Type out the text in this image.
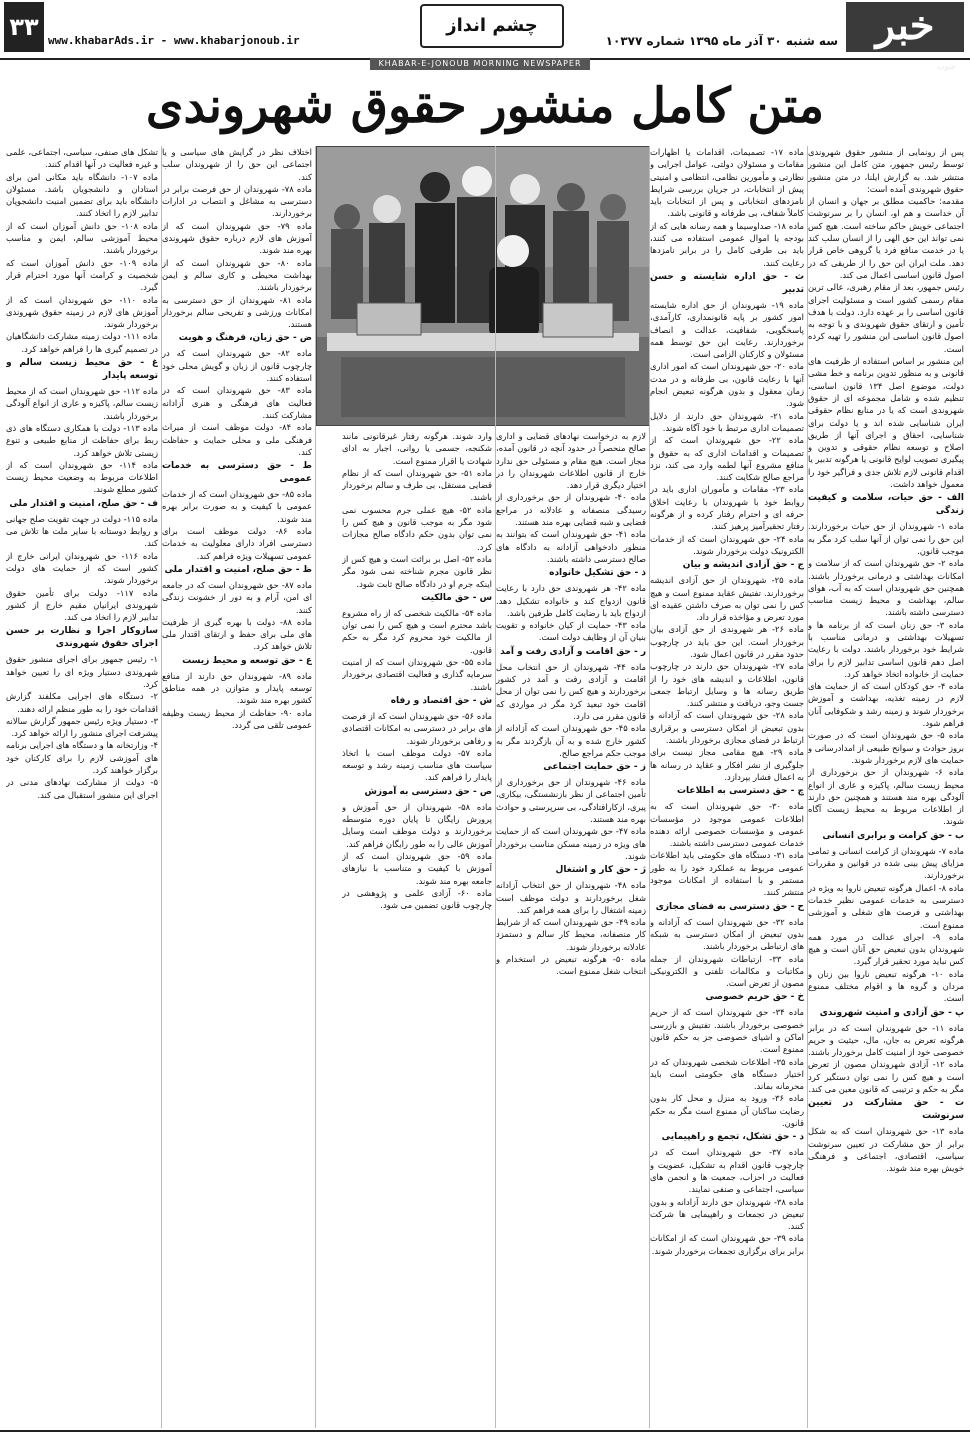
خبر
جنوب
سه شنبه ۳۰ آذر ماه ۱۳۹۵ شماره ۱۰۳۷۷
چشم انداز
www.khabarAds.ir - www.khabarjonoub.ir
۳۳
KHABAR-E-JONOUB MORNING NEWSPAPER
متن کامل منشور حقوق شهروندی

پس از رونمایی از منشور حقوق شهروندی توسط رئیس جمهور، متن کامل این منشور منتشر شد. به گزارش ایلنا، در متن منشور حقوق شهروندی آمده است:

مقدمه: حاکمیت مطلق بر جهان و انسان از آن خداست و هم او، انسان را بر سرنوشت اجتماعی خویش حاکم ساخته است. هیچ کس نمی تواند این حق الهی را از انسان سلب کند یا در خدمت منافع فرد یا گروهی خاص قرار دهد. ملت ایران این حق را از طریقی که در اصول قانون اساسی اعمال می کند.

رئیس جمهور، بعد از مقام رهبری، عالی ترین مقام رسمی کشور است و مسئولیت اجرای قانون اساسی را بر عهده دارد. دولت با هدف تأمین و ارتقای حقوق شهروندی و با توجه به اصول قانون اساسی این منشور را تهیه کرده است.

این منشور بر اساس استفاده از ظرفیت های قانونی و به منظور تدوین برنامه و خط مشی دولت، موضوع اصل ۱۳۴ قانون اساسی، تنظیم شده و شامل مجموعه ای از حقوق شهروندی است که یا در منابع نظام حقوقی ایران شناسایی شده اند و یا دولت برای شناسایی، احقاق و اجرای آنها از طریق اصلاح و توسعه نظام حقوقی و تدوین و پیگیری تصویب لوایح قانونی یا هرگونه تدبیر یا اقدام قانونی لازم تلاش جدی و فراگیر خود را معمول خواهد داشت.

الف - حق حیات، سلامت و کیفیت زندگی

ماده ۱- شهروندان از حق حیات برخوردارند. این حق را نمی توان از آنها سلب کرد مگر به موجب قانون.

ماده ۲- حق شهروندان است که از سلامت و امکانات بهداشتی و درمانی برخوردار باشند. همچنین حق شهروندان است که به آب، هوای سالم، بهداشت و محیط زیست مناسب دسترسی داشته باشند.

ماده ۳- حق زنان است که از برنامه ها و تسهیلات بهداشتی و درمانی مناسب با شرایط خود برخوردار باشند. دولت با رعایت اصل دهم قانون اساسی تدابیر لازم را برای حمایت از خانواده اتخاذ خواهد کرد.

ماده ۴- حق کودکان است که از حمایت های لازم در زمینه تغذیه، بهداشت و آموزش برخوردار شوند و زمینه رشد و شکوفایی آنان فراهم شود.

ماده ۵- حق شهروندان است که در صورت بروز حوادث و سوانح طبیعی از امدادرسانی و حمایت های لازم برخوردار شوند.

ماده ۶- شهروندان از حق برخورداری از محیط زیست سالم، پاکیزه و عاری از انواع آلودگی بهره مند هستند و همچنین حق دارند از اطلاعات مربوط به محیط زیست آگاه شوند.

ب - حق کرامت و برابری انسانی

ماده ۷- شهروندان از کرامت انسانی و تمامی مزایای پیش بینی شده در قوانین و مقررات برخوردارند.

ماده ۸- اعمال هرگونه تبعیض ناروا به ویژه در دسترسی به خدمات عمومی نظیر خدمات بهداشتی و فرصت های شغلی و آموزشی ممنوع است.

ماده ۹- اجرای عدالت در مورد همه شهروندان بدون تبعیض حق آنان است و هیچ کس نباید مورد تحقیر قرار گیرد.

ماده ۱۰- هرگونه تبعیض ناروا بین زنان و مردان و گروه ها و اقوام مختلف ممنوع است.

پ - حق آزادی و امنیت شهروندی

ماده ۱۱- حق شهروندان است که در برابر هرگونه تعرض به جان، مال، حیثیت و حریم خصوصی خود از امنیت کامل برخوردار باشند.

ماده ۱۲- آزادی شهروندان مصون از تعرض است و هیچ کس را نمی توان دستگیر کرد مگر به حکم و ترتیبی که قانون معین می کند.

ت - حق مشارکت در تعیین سرنوشت

ماده ۱۳- حق شهروندان است که به شکل برابر از حق مشارکت در تعیین سرنوشت سیاسی، اقتصادی، اجتماعی و فرهنگی خویش بهره مند شوند.

ماده ۱۷- تصمیمات، اقدامات یا اظهارات مقامات و مسئولان دولتی، عوامل اجرایی و نظارتی و مأمورین نظامی، انتظامی و امنیتی پیش از انتخابات، در جریان بررسی شرایط نامزدهای انتخاباتی و پس از انتخابات باید کاملاً شفاف، بی طرفانه و قانونی باشد.

ماده ۱۸- صداوسیما و همه رسانه هایی که از بودجه یا اموال عمومی استفاده می کنند، باید بی طرفی کامل را در برابر نامزدها رعایت کنند.

ث - حق اداره شایسته و حسن تدبیر

ماده ۱۹- شهروندان از حق اداره شایسته امور کشور بر پایه قانونمداری، کارآمدی، پاسخگویی، شفافیت، عدالت و انصاف برخوردارند. رعایت این حق توسط همه مسئولان و کارکنان الزامی است.

ماده ۲۰- حق شهروندان است که امور اداری آنها با رعایت قانون، بی طرفانه و در مدت زمان معقول و بدون هرگونه تبعیض انجام شود.

ماده ۲۱- شهروندان حق دارند از دلایل تصمیمات اداری مرتبط با خود آگاه شوند.

ماده ۲۲- حق شهروندان است که از تصمیمات و اقدامات اداری که به حقوق و منافع مشروع آنها لطمه وارد می کند، نزد مراجع صالح شکایت کنند.

ماده ۲۳- مقامات و مأموران اداری باید در روابط خود با شهروندان با رعایت اخلاق حرفه ای و احترام رفتار کرده و از هرگونه رفتار تحقیرآمیز پرهیز کنند.

ماده ۲۴- حق شهروندان است که از خدمات الکترونیک دولت برخوردار شوند.

ج - حق آزادی اندیشه و بیان

ماده ۲۵- شهروندان از حق آزادی اندیشه برخوردارند. تفتیش عقاید ممنوع است و هیچ کس را نمی توان به صرف داشتن عقیده ای مورد تعرض و مؤاخذه قرار داد.

ماده ۲۶- هر شهروندی از حق آزادی بیان برخوردار است. این حق باید در چارچوب حدود مقرر در قانون اعمال شود.

ماده ۲۷- شهروندان حق دارند در چارچوب قانون، اطلاعات و اندیشه های خود را از طریق رسانه ها و وسایل ارتباط جمعی جست وجو، دریافت و منتشر کنند.

ماده ۲۸- حق شهروندان است که آزادانه و بدون تبعیض از امکان دسترسی و برقراری ارتباط در فضای مجازی برخوردار باشند.

ماده ۲۹- هیچ مقامی مجاز نیست برای جلوگیری از نشر افکار و عقاید در رسانه ها به اعمال فشار بپردازد.

چ - حق دسترسی به اطلاعات

ماده ۳۰- حق شهروندان است که به اطلاعات عمومی موجود در مؤسسات عمومی و مؤسسات خصوصی ارائه دهنده خدمات عمومی دسترسی داشته باشند.

ماده ۳۱- دستگاه های حکومتی باید اطلاعات عمومی مربوط به عملکرد خود را به طور مستمر و با استفاده از امکانات موجود منتشر کنند.

ح - حق دسترسی به فضای مجازی

ماده ۳۲- حق شهروندان است که آزادانه و بدون تبعیض از امکان دسترسی به شبکه های ارتباطی برخوردار باشند.

ماده ۳۳- ارتباطات شهروندان از جمله مکاتبات و مکالمات تلفنی و الکترونیکی مصون از تعرض است.

خ - حق حریم خصوصی

ماده ۳۴- حق شهروندان است که از حریم خصوصی برخوردار باشند. تفتیش و بازرسی اماکن و اشیای خصوصی جز به حکم قانون ممنوع است.

ماده ۳۵- اطلاعات شخصی شهروندان که در اختیار دستگاه های حکومتی است باید محرمانه بماند.

ماده ۳۶- ورود به منزل و محل کار بدون رضایت ساکنان آن ممنوع است مگر به حکم قانون.

د - حق تشکل، تجمع و راهپیمایی

ماده ۳۷- حق شهروندان است که در چارچوب قانون اقدام به تشکیل، عضویت و فعالیت در احزاب، جمعیت ها و انجمن های سیاسی، اجتماعی و صنفی نمایند.

ماده ۳۸- شهروندان حق دارند آزادانه و بدون تبعیض در تجمعات و راهپیمایی ها شرکت کنند.

ماده ۳۹- حق شهروندان است که از امکانات برابر برای برگزاری تجمعات برخوردار شوند.

لازم به درخواست نهادهای قضایی و اداری صالح منحصراً در حدود آنچه در قانون آمده، مجاز است. هیچ مقام و مسئولی حق ندارد خارج از قانون اطلاعات شهروندان را در اختیار دیگری قرار دهد.

ماده ۴۰- شهروندان از حق برخورداری از رسیدگی منصفانه و عادلانه در مراجع قضایی و شبه قضایی بهره مند هستند.

ماده ۴۱- حق شهروندان است که بتوانند به منظور دادخواهی آزادانه به دادگاه های صالح دسترسی داشته باشند.

ذ - حق تشکیل خانواده

ماده ۴۲- هر شهروندی حق دارد با رعایت قانون ازدواج کند و خانواده تشکیل دهد. ازدواج باید با رضایت کامل طرفین باشد.

ماده ۴۳- حمایت از کیان خانواده و تقویت بنیان آن از وظایف دولت است.

ر - حق اقامت و آزادی رفت و آمد

ماده ۴۴- شهروندان از حق انتخاب محل اقامت و آزادی رفت و آمد در کشور برخوردارند و هیچ کس را نمی توان از محل اقامت خود تبعید کرد مگر در مواردی که قانون مقرر می دارد.

ماده ۴۵- حق شهروندان است که آزادانه از کشور خارج شده و به آن بازگردند مگر به موجب حکم مراجع صالح.

ز - حق حمایت اجتماعی

ماده ۴۶- شهروندان از حق برخورداری از تأمین اجتماعی از نظر بازنشستگی، بیکاری، پیری، ازکارافتادگی، بی سرپرستی و حوادث بهره مند هستند.

ماده ۴۷- حق شهروندان است که از حمایت های ویژه در زمینه مسکن مناسب برخوردار شوند.

ژ - حق کار و اشتغال

ماده ۴۸- شهروندان از حق انتخاب آزادانه شغل برخوردارند و دولت موظف است زمینه اشتغال را برای همه فراهم کند.

ماده ۴۹- حق شهروندان است که از شرایط کار منصفانه، محیط کار سالم و دستمزد عادلانه برخوردار شوند.

ماده ۵۰- هرگونه تبعیض در استخدام و انتخاب شغل ممنوع است.

وارد شوند. هرگونه رفتار غیرقانونی مانند شکنجه، جسمی یا روانی، اجبار به ادای شهادت یا اقرار ممنوع است.

ماده ۵۱- حق شهروندان است که از نظام قضایی مستقل، بی طرف و سالم برخوردار باشند.

ماده ۵۲- هیچ عملی جرم محسوب نمی شود مگر به موجب قانون و هیچ کس را نمی توان بدون حکم دادگاه صالح مجازات کرد.

ماده ۵۳- اصل بر برائت است و هیچ کس از نظر قانون مجرم شناخته نمی شود مگر اینکه جرم او در دادگاه صالح ثابت شود.

س - حق مالکیت

ماده ۵۴- مالکیت شخصی که از راه مشروع باشد محترم است و هیچ کس را نمی توان از مالکیت خود محروم کرد مگر به حکم قانون.

ماده ۵۵- حق شهروندان است که از امنیت سرمایه گذاری و فعالیت اقتصادی برخوردار باشند.

ش - حق اقتصاد و رفاه

ماده ۵۶- حق شهروندان است که از فرصت های برابر در دسترسی به امکانات اقتصادی و رفاهی برخوردار شوند.

ماده ۵۷- دولت موظف است با اتخاذ سیاست های مناسب زمینه رشد و توسعه پایدار را فراهم کند.

ص - حق دسترسی به آموزش

ماده ۵۸- شهروندان از حق آموزش و پرورش رایگان تا پایان دوره متوسطه برخوردارند و دولت موظف است وسایل آموزش عالی را به طور رایگان فراهم کند.

ماده ۵۹- حق شهروندان است که از آموزش با کیفیت و متناسب با نیازهای جامعه بهره مند شوند.

ماده ۶۰- آزادی علمی و پژوهشی در چارچوب قانون تضمین می شود.

اختلاف نظر در گرایش های سیاسی و یا اجتماعی این حق را از شهروندان سلب کند.

ماده ۷۸- شهروندان از حق فرصت برابر در دسترسی به مشاغل و انتصاب در ادارات برخوردارند.

ماده ۷۹- حق شهروندان است که از آموزش های لازم درباره حقوق شهروندی بهره مند شوند.

ماده ۸۰- حق شهروندان است که از بهداشت محیطی و کاری سالم و ایمن برخوردار باشند.

ماده ۸۱- شهروندان از حق دسترسی به امکانات ورزشی و تفریحی سالم برخوردار هستند.

ض - حق زبان، فرهنگ و هویت

ماده ۸۲- حق شهروندان است که در چارچوب قانون از زبان و گویش محلی خود استفاده کنند.

ماده ۸۳- حق شهروندان است که در فعالیت های فرهنگی و هنری آزادانه مشارکت کنند.

ماده ۸۴- دولت موظف است از میراث فرهنگی ملی و محلی حمایت و حفاظت کند.

ط - حق دسترسی به خدمات عمومی

ماده ۸۵- حق شهروندان است که از خدمات عمومی با کیفیت و به صورت برابر بهره مند شوند.

ماده ۸۶- دولت موظف است برای دسترسی افراد دارای معلولیت به خدمات عمومی تسهیلات ویژه فراهم کند.

ظ - حق صلح، امنیت و اقتدار ملی

ماده ۸۷- حق شهروندان است که در جامعه ای امن، آرام و به دور از خشونت زندگی کنند.

ماده ۸۸- دولت با بهره گیری از ظرفیت های ملی برای حفظ و ارتقای اقتدار ملی تلاش خواهد کرد.

ع - حق توسعه و محیط زیست

ماده ۸۹- شهروندان حق دارند از منافع توسعه پایدار و متوازن در همه مناطق کشور بهره مند شوند.

ماده ۹۰- حفاظت از محیط زیست وظیفه عمومی تلقی می گردد.

تشکل های صنفی، سیاسی، اجتماعی، علمی و غیره فعالیت در آنها اقدام کنند.

ماده ۱۰۷- دانشگاه باید مکانی امن برای استادان و دانشجویان باشد. مسئولان دانشگاه باید برای تضمین امنیت دانشجویان تدابیر لازم را اتخاذ کنند.

ماده ۱۰۸- حق دانش آموزان است که از محیط آموزشی سالم، ایمن و مناسب برخوردار باشند.

ماده ۱۰۹- حق دانش آموزان است که شخصیت و کرامت آنها مورد احترام قرار گیرد.

ماده ۱۱۰- حق شهروندان است که از آموزش های لازم در زمینه حقوق شهروندی برخوردار شوند.

ماده ۱۱۱- دولت زمینه مشارکت دانشگاهیان در تصمیم گیری ها را فراهم خواهد کرد.

غ - حق محیط زیست سالم و توسعه پایدار

ماده ۱۱۲- حق شهروندان است که از محیط زیست سالم، پاکیزه و عاری از انواع آلودگی برخوردار باشند.

ماده ۱۱۳- دولت با همکاری دستگاه های ذی ربط برای حفاظت از منابع طبیعی و تنوع زیستی تلاش خواهد کرد.

ماده ۱۱۴- حق شهروندان است که از اطلاعات مربوط به وضعیت محیط زیست کشور مطلع شوند.

ف - حق صلح، امنیت و اقتدار ملی

ماده ۱۱۵- دولت در جهت تقویت صلح جهانی و روابط دوستانه با سایر ملت ها تلاش می کند.

ماده ۱۱۶- حق شهروندان ایرانی خارج از کشور است که از حمایت های دولت برخوردار شوند.

ماده ۱۱۷- دولت برای تأمین حقوق شهروندی ایرانیان مقیم خارج از کشور تدابیر لازم را اتخاذ می کند.

سازوکار اجرا و نظارت بر حسن اجرای حقوق شهروندی

۱- رئیس جمهور برای اجرای منشور حقوق شهروندی دستیار ویژه ای را تعیین خواهد کرد.

۲- دستگاه های اجرایی مکلفند گزارش اقدامات خود را به طور منظم ارائه دهند.

۳- دستیار ویژه رئیس جمهور گزارش سالانه پیشرفت اجرای منشور را ارائه خواهد کرد.

۴- وزارتخانه ها و دستگاه های اجرایی برنامه های آموزشی لازم را برای کارکنان خود برگزار خواهند کرد.

۵- دولت از مشارکت نهادهای مدنی در اجرای این منشور استقبال می کند.
